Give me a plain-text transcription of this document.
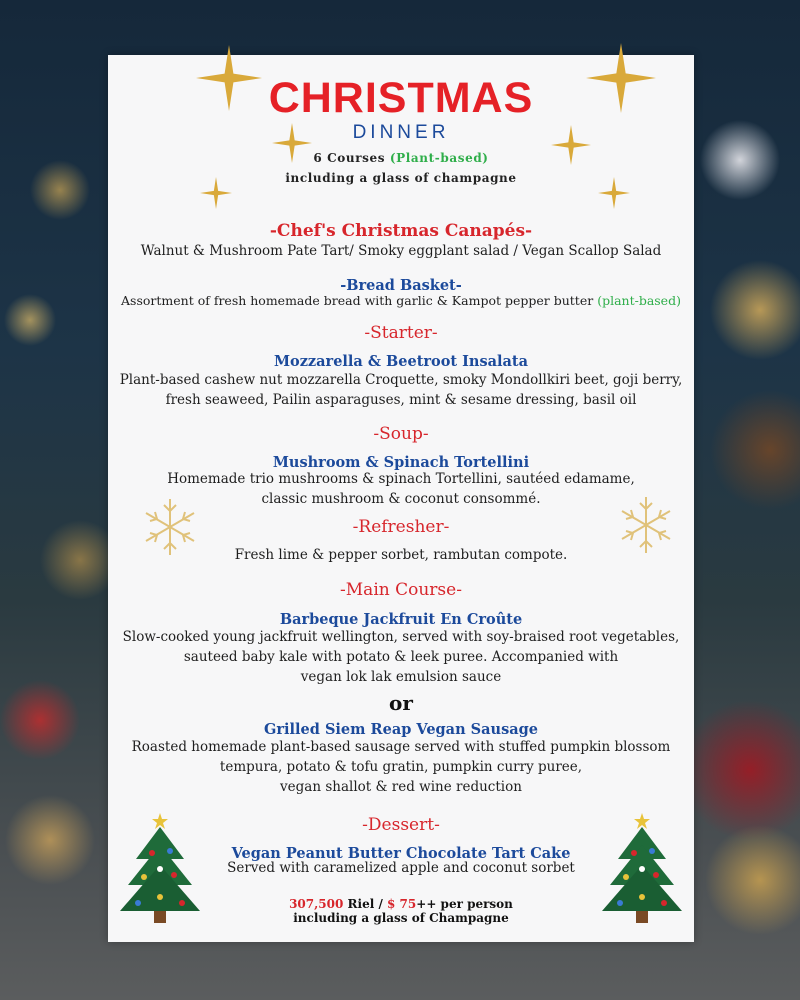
CHRISTMAS
DINNER
6 Courses (Plant-based)
including a glass of champagne
-Chef's Christmas Canapés-
Walnut & Mushroom Pate Tart/ Smoky eggplant salad / Vegan Scallop Salad
-Bread Basket-
Assortment of fresh homemade bread with garlic & Kampot pepper butter (plant-based)
-Starter-
Mozzarella & Beetroot Insalata
Plant-based cashew nut mozzarella Croquette, smoky Mondollkiri beet, goji berry,
fresh seaweed, Pailin asparaguses, mint & sesame dressing, basil oil
-Soup-
Mushroom & Spinach Tortellini
Homemade trio mushrooms & spinach Tortellini, sautéed edamame,
classic mushroom & coconut consommé.
-Refresher-
Fresh lime & pepper sorbet, rambutan compote.
-Main Course-
Barbeque Jackfruit En Croûte
Slow-cooked young jackfruit wellington, served with soy-braised root vegetables,
sauteed baby kale with potato & leek puree. Accompanied with
vegan lok lak emulsion sauce
or
Grilled Siem Reap Vegan Sausage
Roasted homemade plant-based sausage served with stuffed pumpkin blossom
tempura, potato & tofu gratin, pumpkin curry puree,
vegan shallot & red wine reduction
-Dessert-
Vegan Peanut Butter Chocolate Tart Cake
Served with caramelized apple and coconut sorbet
307,500 Riel / $ 75++ per person
including a glass of Champagne
